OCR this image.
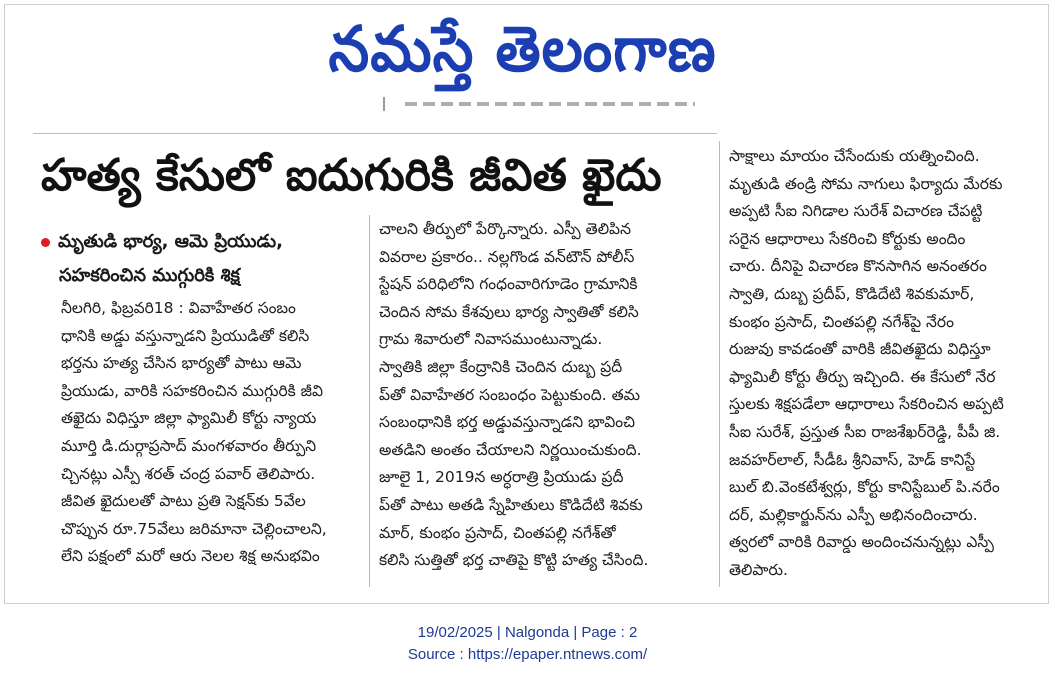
నమస్తే తెలంగాణ
హత్య కేసులో ఐదుగురికి జీవిత ఖైదు
మృతుడి భార్య, ఆమె ప్రియుడు,
సహకరించిన ముగ్గురికి శిక్ష
నీలగిరి, ఫిబ్రవరి18 : వివాహేతర సంబం
ధానికి అడ్డు వస్తున్నాడని ప్రియుడితో కలిసి
భర్తను హత్య చేసిన భార్యతో పాటు ఆమె
ప్రియుడు, వారికి సహకరించిన ముగ్గురికి జీవి
తఖైదు విధిస్తూ జిల్లా ఫ్యామిలీ కోర్టు న్యాయ
మూర్తి డి.దుర్గాప్రసాద్ మంగళవారం తీర్పుని
చ్చినట్లు ఎస్పీ శరత్ చంద్ర పవార్ తెలిపారు.
జీవిత ఖైదులతో పాటు ప్రతి సెక్షన్‌కు 5వేల
చొప్పున రూ.75వేలు జరిమానా చెల్లించాలని,
లేని పక్షంలో మరో ఆరు నెలల శిక్ష అనుభవిం
చాలని తీర్పులో పేర్కొన్నారు. ఎస్పీ తెలిపిన
వివరాల ప్రకారం.. నల్లగొండ వన్‌టౌన్ పోలీస్
స్టేషన్ పరిధిలోని గంధంవారిగూడెం గ్రామానికి
చెందిన సోమ కేశవులు భార్య స్వాతితో కలిసి
గ్రామ శివారులో నివాసముంటున్నాడు.
స్వాతికి జిల్లా కేంద్రానికి చెందిన దుబ్బ ప్రదీ
ప్‌తో వివాహేతర సంబంధం పెట్టుకుంది. తమ
సంబంధానికి భర్త అడ్డువస్తున్నాడని భావించి
అతడిని అంతం చేయాలని నిర్ణయించుకుంది.
జూలై 1, 2019న అర్ధరాత్రి ప్రియుడు ప్రదీ
ప్‌తో పాటు అతడి స్నేహితులు కొడిదేటి శివకు
మార్, కుంభం ప్రసాద్, చింతపల్లి నగేశ్‌తో
కలిసి సుత్తితో భర్త చాతిపై కొట్టి హత్య చేసింది.
సాక్షాలు మాయం చేసేందుకు యత్నించింది.
మృతుడి తండ్రి సోమ నాగులు ఫిర్యాదు మేరకు
అప్పటి సీఐ నిగిడాల సురేశ్ విచారణ చేపట్టి
సరైన ఆధారాలు సేకరించి కోర్టుకు అందిం
చారు. దీనిపై విచారణ కొనసాగిన అనంతరం
స్వాతి, దుబ్బ ప్రదీప్, కొడిదేటి శివకుమార్,
కుంభం ప్రసాద్, చింతపల్లి నగేశ్‌పై నేరం
రుజువు కావడంతో వారికి జీవితఖైదు విధిస్తూ
ఫ్యామిలీ కోర్టు తీర్పు ఇచ్చింది. ఈ కేసులో నేర
స్తులకు శిక్షపడేలా ఆధారాలు సేకరించిన అప్పటి
సీఐ సురేశ్, ప్రస్తుత సీఐ రాజశేఖర్‌రెడ్డి, పీపీ జి.
జవహర్‌లాల్, సీడీఓ శ్రీనివాస్, హెడ్ కానిస్టే
బుల్ బి.వెంకటేశ్వర్లు, కోర్టు కానిస్టేబుల్ పి.నరేం
దర్, మల్లికార్జున్‌ను ఎస్పీ అభినందించారు.
త్వరలో వారికి రివార్డు అందించనున్నట్లు ఎస్పీ
తెలిపారు.
19/02/2025 | Nalgonda | Page : 2
Source : https://epaper.ntnews.com/
